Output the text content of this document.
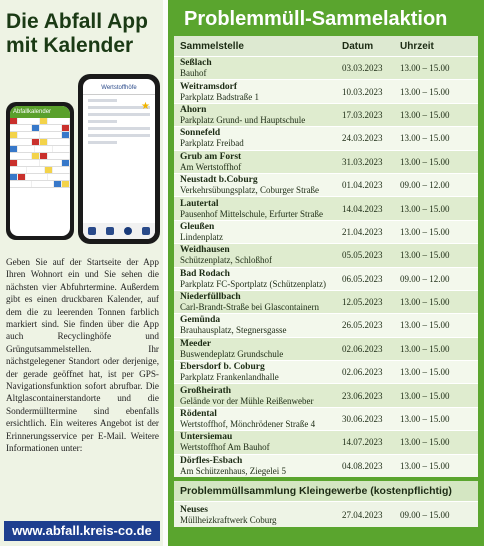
Die Abfall App mit Kalender
Abfallkalender
Wertstoffhöfe
★
Geben Sie auf der Startseite der App Ihren Wohnort ein und Sie sehen die nächsten vier Abfuhrtermine. Außerdem gibt es einen druckbaren Kalender, auf dem die zu leerenden Tonnen farblich markiert sind. Sie finden über die App auch Recyclinghöfe und Grüngutsammelstellen. Ihr nächstgelegener Standort oder derjenige, der gerade geöffnet hat, ist per GPS-Navigationsfunktion sofort abrufbar. Die Altglascontainerstandorte und die Sondermülltermine sind ebenfalls ersichtlich. Ein weiteres Angebot ist der Erinnerungsservice per E-Mail. Weitere Informationen unter:
www.abfall.kreis-co.de
Problemmüll-Sammelaktion
Sammelstelle	Datum	Uhrzeit
Seßlach
Bauhof	03.03.2023	13.00 – 15.00
Weitramsdorf
Parkplatz Badstraße 1	10.03.2023	13.00 – 15.00
Ahorn
Parkplatz Grund- und Hauptschule	17.03.2023	13.00 – 15.00
Sonnefeld
Parkplatz Freibad	24.03.2023	13.00 – 15.00
Grub am Forst
Am Wertstoffhof	31.03.2023	13.00 – 15.00
Neustadt b.Coburg
Verkehrsübungsplatz, Coburger Straße	01.04.2023	09.00 – 12.00
Lautertal
Pausenhof Mittelschule, Erfurter Straße	14.04.2023	13.00 – 15.00
Gleußen
Lindenplatz	21.04.2023	13.00 – 15.00
Weidhausen
Schützenplatz, Schloßhof	05.05.2023	13.00 – 15.00
Bad Rodach
Parkplatz FC-Sportplatz (Schützenplatz)	06.05.2023	09.00 – 12.00
Niederfüllbach
Carl-Brandt-Straße bei Glascontainern	12.05.2023	13.00 – 15.00
Gemünda
Brauhausplatz, Stegnersgasse	26.05.2023	13.00 – 15.00
Meeder
Buswendeplatz Grundschule	02.06.2023	13.00 – 15.00
Ebersdorf b. Coburg
Parkplatz Frankenlandhalle	02.06.2023	13.00 – 15.00
Großheirath
Gelände vor der Mühle Reißenweber	23.06.2023	13.00 – 15.00
Rödental
Wertstoffhof, Mönchrödener Straße 4	30.06.2023	13.00 – 15.00
Untersiemau
Wertstoffhof Am Bauhof	14.07.2023	13.00 – 15.00
Dörfles-Esbach
Am Schützenhaus, Ziegelei 5	04.08.2023	13.00 – 15.00
Problemmüllsammlung Kleingewerbe (kostenpflichtig)
Neuses
Müllheizkraftwerk Coburg	27.04.2023	09.00 – 15.00
